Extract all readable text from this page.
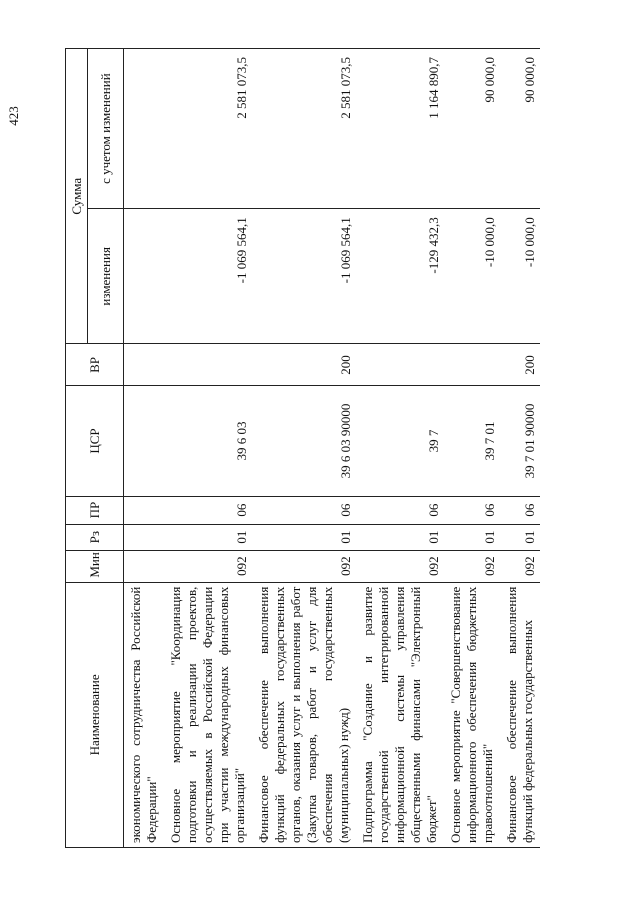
423
Наименование	Мин	Рз	ПР	ЦСР	ВР	Сумма	
						изменения	с учетом изменений
экономического сотрудничества Российской Федерации"							
Основное мероприятие "Координация подготовки и реализации проектов, осуществляемых в Российской Федерации при участии международных финансовых организаций"	092	01	06	39 6 03		-1 069 564,1	2 581 073,5
Финансовое обеспечение выполнения функций федеральных государственных органов, оказания услуг и выполнения работ (Закупка товаров, работ и услуг для обеспечения государственных (муниципальных) нужд)	092	01	06	39 6 03 90000	200	-1 069 564,1	2 581 073,5
Подпрограмма "Создание и развитие государственной интегрированной информационной системы управления общественными финансами "Электронный бюджет"	092	01	06	39 7		-129 432,3	1 164 890,7
Основное мероприятие "Совершенствование информационного обеспечения бюджетных правоотношений"	092	01	06	39 7 01		-10 000,0	90 000,0
Финансовое обеспечение выполнения функций федеральных государственных	092	01	06	39 7 01 90000	200	-10 000,0	90 000,0
